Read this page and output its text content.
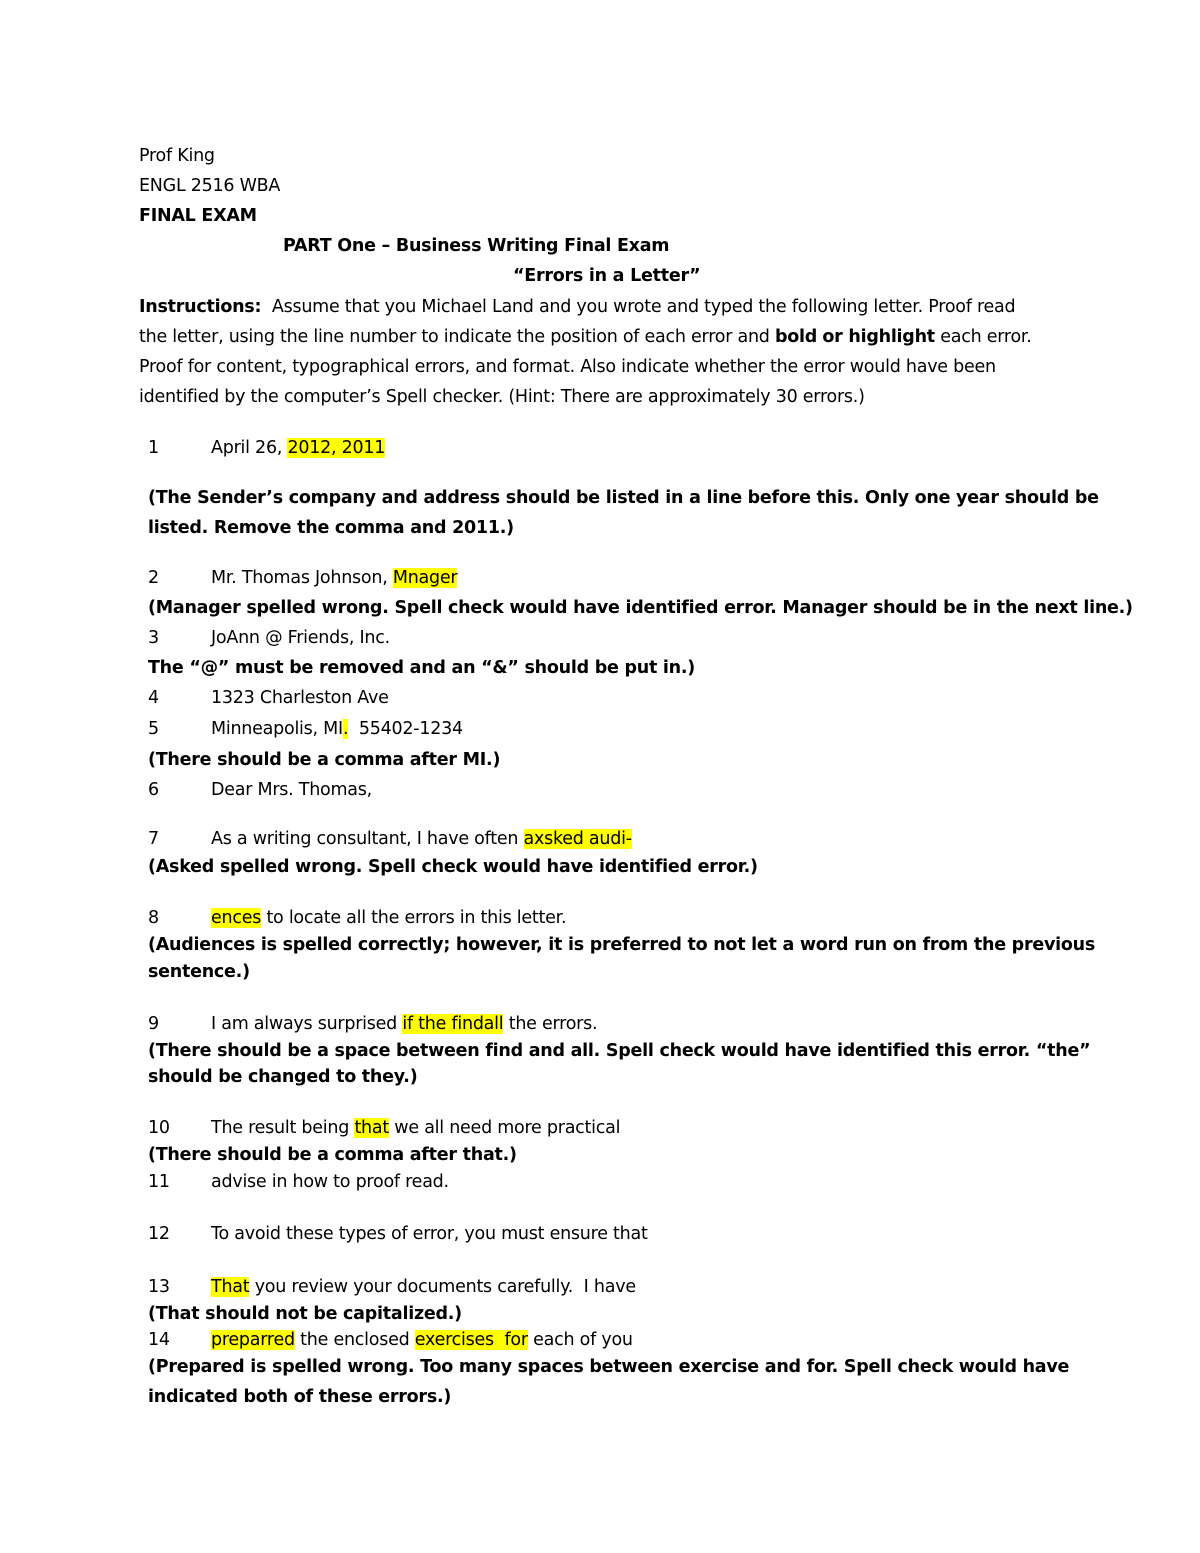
Prof King
ENGL 2516 WBA
FINAL EXAM
PART One – Business Writing Final Exam
“Errors in a Letter”
Instructions: Assume that you Michael Land and you wrote and typed the following letter. Proof read
the letter, using the line number to indicate the position of each error and bold or highlight each error.
Proof for content, typographical errors, and format. Also indicate whether the error would have been
identified by the computer’s Spell checker. (Hint: There are approximately 30 errors.)
1	April 26, 2012, 2011
(The Sender’s company and address should be listed in a line before this. Only one year should be
listed. Remove the comma and 2011.)
2	Mr. Thomas Johnson, Mnager
(Manager spelled wrong. Spell check would have identified error. Manager should be in the next line.)
3	JoAnn @ Friends, Inc.
The “@” must be removed and an “&” should be put in.)
4	1323 Charleston Ave
5	Minneapolis, MI.  55402-1234
(There should be a comma after MI.)
6	Dear Mrs. Thomas,
7	As a writing consultant, I have often axsked audi-
(Asked spelled wrong. Spell check would have identified error.)
8	ences to locate all the errors in this letter.
(Audiences is spelled correctly; however, it is preferred to not let a word run on from the previous
sentence.)
9	I am always surprised if the findall the errors.
(There should be a space between find and all. Spell check would have identified this error. “the”
should be changed to they.)
10 The result being that we all need more practical
(There should be a comma after that.)
11 advise in how to proof read.
12 To avoid these types of error, you must ensure that
13 That you review your documents carefully.  I have
(That should not be capitalized.)
14 preparred the enclosed exercises  for each of you
(Prepared is spelled wrong. Too many spaces between exercise and for. Spell check would have
indicated both of these errors.)
